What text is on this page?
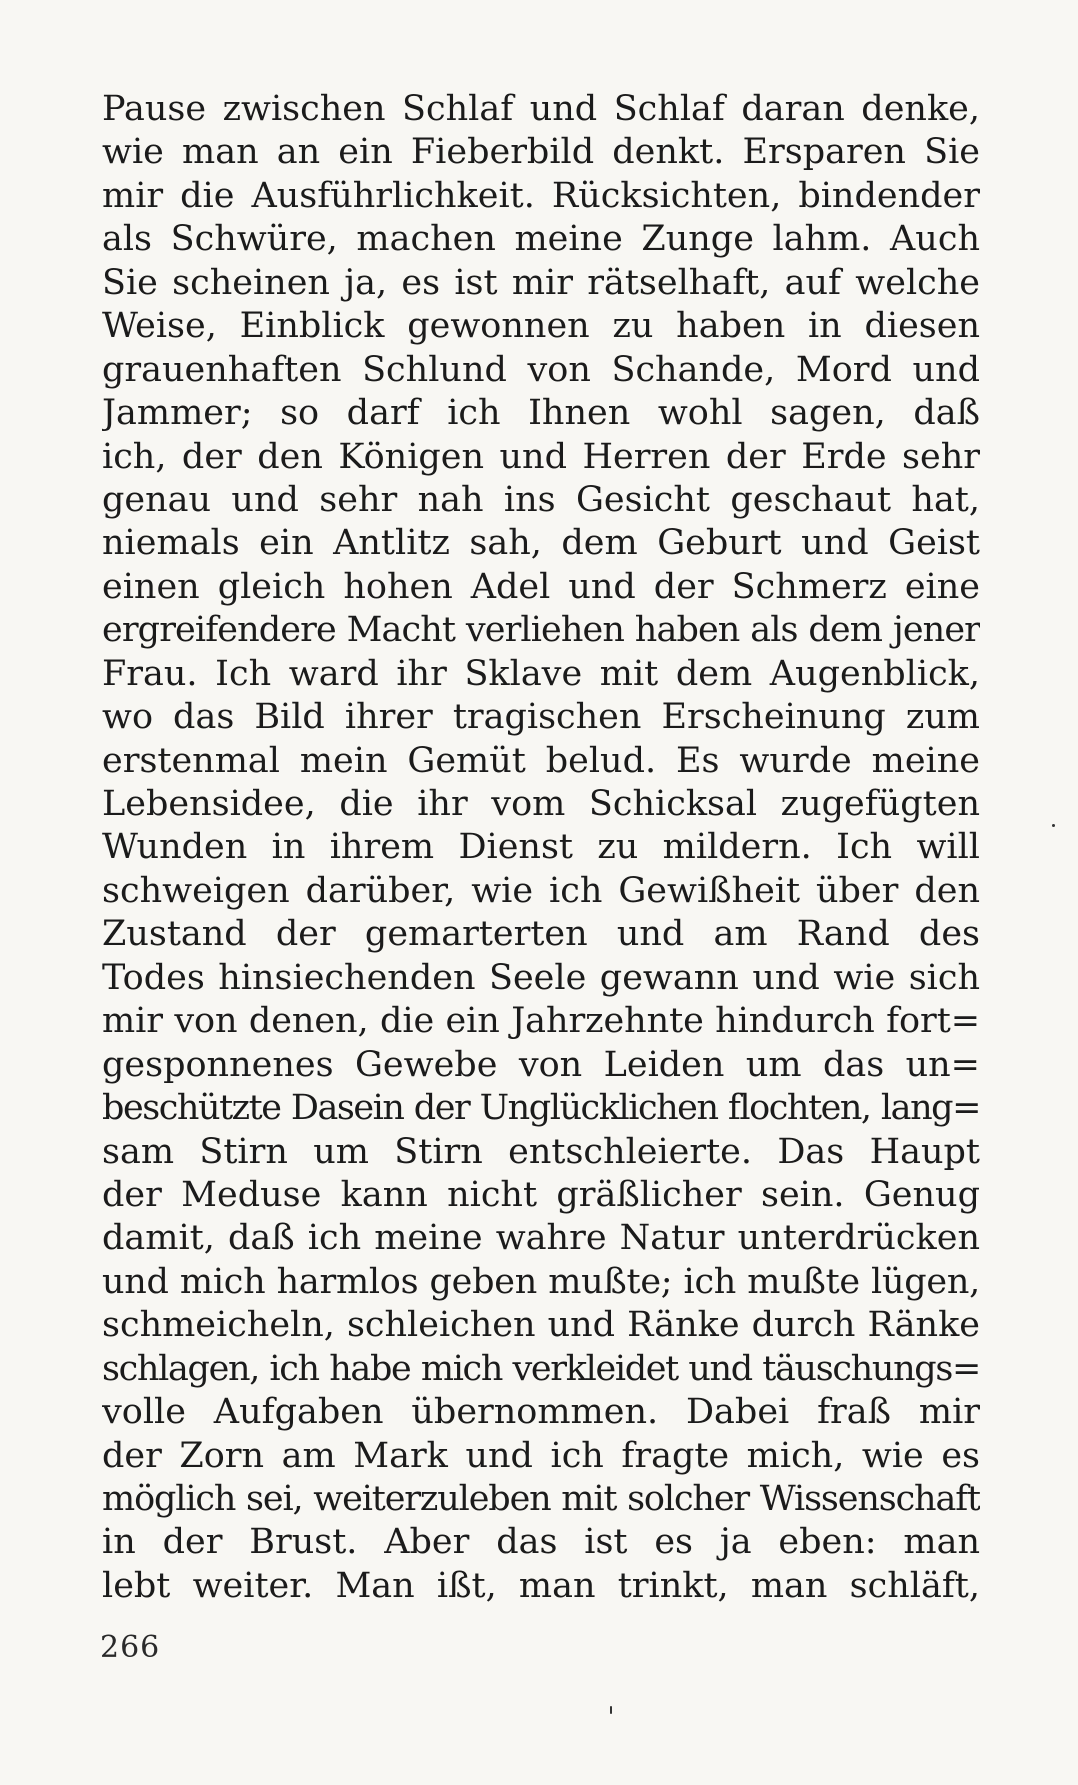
Pause zwischen Schlaf und Schlaf daran denke,
wie man an ein Fieberbild denkt. Ersparen Sie
mir die Ausführlichkeit. Rücksichten, bindender
als Schwüre, machen meine Zunge lahm. Auch
Sie scheinen ja, es ist mir rätselhaft, auf welche
Weise, Einblick gewonnen zu haben in diesen
grauenhaften Schlund von Schande, Mord und
Jammer; so darf ich Ihnen wohl sagen, daß
ich, der den Königen und Herren der Erde sehr
genau und sehr nah ins Gesicht geschaut hat,
niemals ein Antlitz sah, dem Geburt und Geist
einen gleich hohen Adel und der Schmerz eine
ergreifendere Macht verliehen haben als dem jener
Frau. Ich ward ihr Sklave mit dem Augenblick,
wo das Bild ihrer tragischen Erscheinung zum
erstenmal mein Gemüt belud. Es wurde meine
Lebensidee, die ihr vom Schicksal zugefügten
Wunden in ihrem Dienst zu mildern. Ich will
schweigen darüber, wie ich Gewißheit über den
Zustand der gemarterten und am Rand des
Todes hinsiechenden Seele gewann und wie sich
mir von denen, die ein Jahrzehnte hindurch fort=
gesponnenes Gewebe von Leiden um das un=
beschützte Dasein der Unglücklichen flochten, lang=
sam Stirn um Stirn entschleierte. Das Haupt
der Meduse kann nicht gräßlicher sein. Genug
damit, daß ich meine wahre Natur unterdrücken
und mich harmlos geben mußte; ich mußte lügen,
schmeicheln, schleichen und Ränke durch Ränke
schlagen, ich habe mich verkleidet und täuschungs=
volle Aufgaben übernommen. Dabei fraß mir
der Zorn am Mark und ich fragte mich, wie es
möglich sei, weiterzuleben mit solcher Wissenschaft
in der Brust. Aber das ist es ja eben: man
lebt weiter. Man ißt, man trinkt, man schläft,
266
